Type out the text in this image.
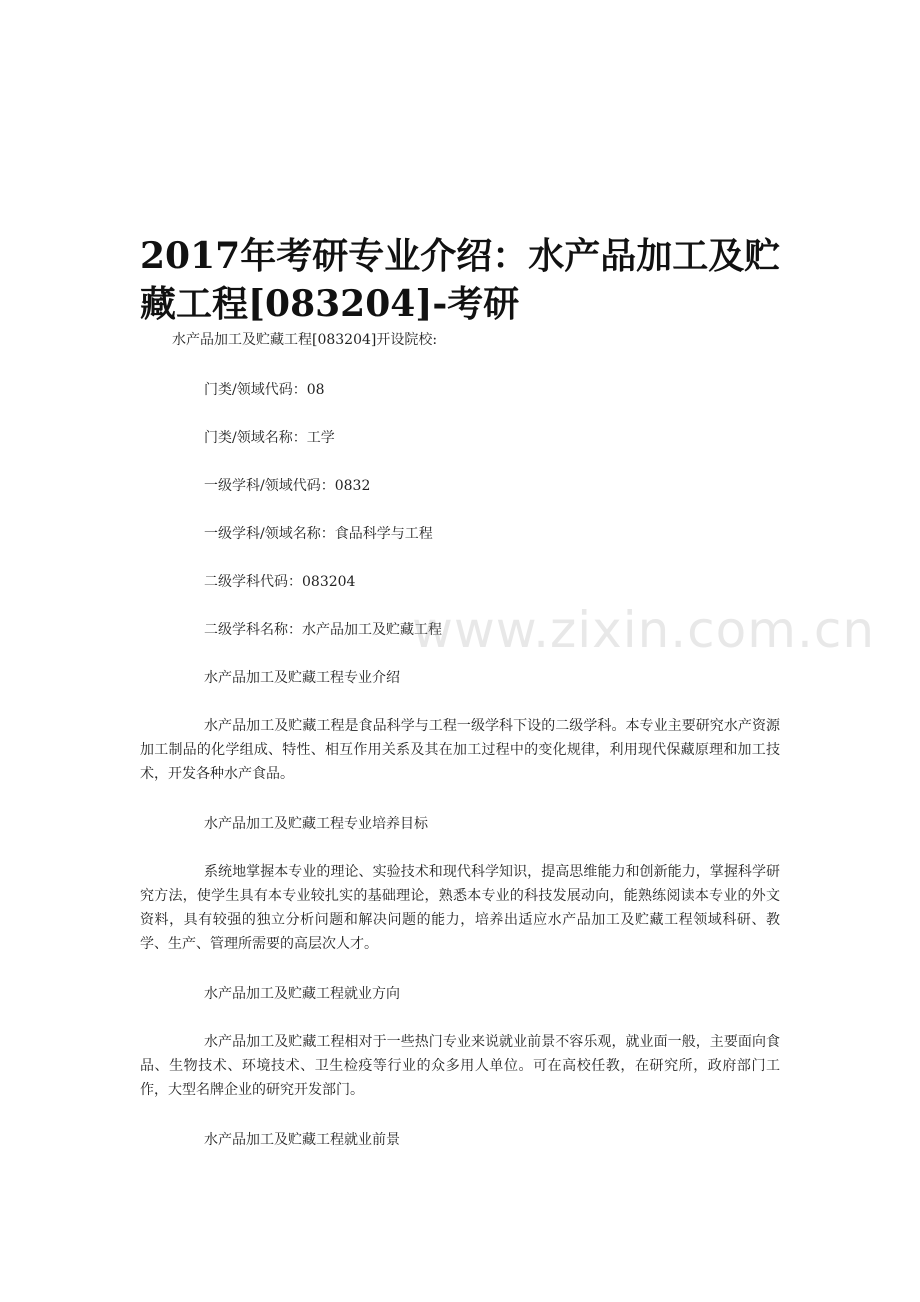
2017年考研专业介绍：水产品加工及贮藏工程[083204]-考研

水产品加工及贮藏工程[083204]开设院校:

门类/领域代码：08

门类/领域名称：工学

一级学科/领域代码：0832

一级学科/领域名称：食品科学与工程

二级学科代码：083204

二级学科名称：水产品加工及贮藏工程

水产品加工及贮藏工程专业介绍

水产品加工及贮藏工程是食品科学与工程一级学科下设的二级学科。本专业主要研究水产资源加工制品的化学组成、特性、相互作用关系及其在加工过程中的变化规律，利用现代保藏原理和加工技术，开发各种水产食品。

水产品加工及贮藏工程专业培养目标

系统地掌握本专业的理论、实验技术和现代科学知识，提高思维能力和创新能力，掌握科学研究方法，使学生具有本专业较扎实的基础理论，熟悉本专业的科技发展动向，能熟练阅读本专业的外文资料，具有较强的独立分析问题和解决问题的能力，培养出适应水产品加工及贮藏工程领域科研、教学、生产、管理所需要的高层次人才。

水产品加工及贮藏工程就业方向

水产品加工及贮藏工程相对于一些热门专业来说就业前景不容乐观，就业面一般，主要面向食品、生物技术、环境技术、卫生检疫等行业的众多用人单位。可在高校任教，在研究所，政府部门工作，大型名牌企业的研究开发部门。

水产品加工及贮藏工程就业前景

www.zixin.com.cn
